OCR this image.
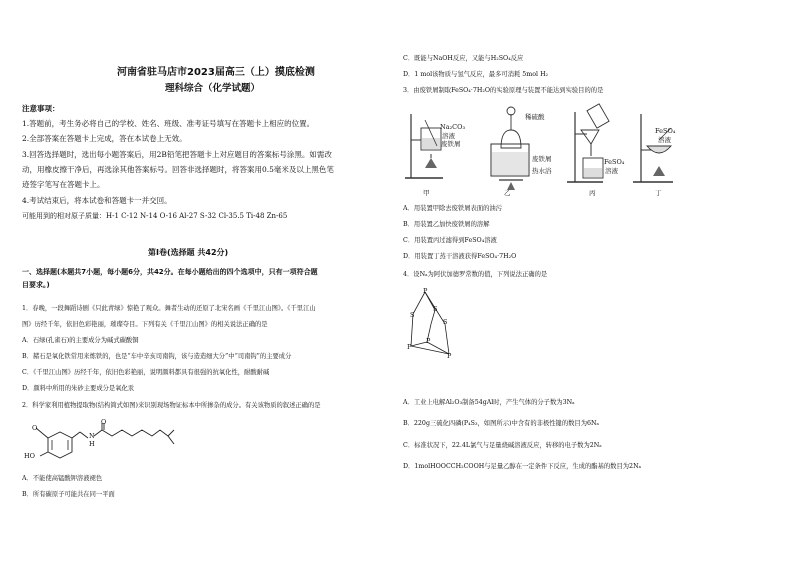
河南省驻马店市2023届高三（上）摸底检测
理科综合（化学试题）
注意事项：
1.答题前，考生务必将自己的学校、姓名、班级、准考证号填写在答题卡上相应的位置。
2.全部答案在答题卡上完成，答在本试卷上无效。
3.回答选择题时，选出每小题答案后，用2B铅笔把答题卡上对应题目的答案标号涂黑。如需改
动，用橡皮擦干净后，再选涂其他答案标号。回答非选择题时，将答案用0.5毫米及以上黑色笔
迹签字笔写在答题卡上。
4.考试结束后，将本试卷和答题卡一并交回。
可能用到的相对原子质量：H-1 C-12 N-14 O-16 Al-27 S-32 Cl-35.5 Ti-48 Zn-65
第Ⅰ卷(选择题 共42分)
一、选择题(本题共7小题，每小题6分，共42分。在每小题给出的四个选项中，只有一项符合题
目要求。)
1．春晚，一段舞蹈诗剧《只此青绿》惊艳了观众。舞者生动的还原了北宋名画《千里江山图》。《千里江山
图》历经千年，依旧色彩艳丽，璀璨夺目。下列有关《千里江山图》的相关说法正确的是
A．石绿(孔雀石)的主要成分为碱式碳酸铜
B．赭石是氧化铁常用来炼铁的，也是“车中辛亥司南钩，该与造造细大分”中“司南钩”的主要成分
C．《千里江山图》历经千年，依旧色彩艳丽，说明颜料都具有很强的抗氧化性，耐酸耐碱
D．颜料中所用的朱砂主要成分是氧化汞
2．科学家利用植物提取物(结构简式如图)来识别现场物证标本中所掺杂的成分。有关该物质的叙述正确的是
O
HO
N
H
O
A．不能使高锰酸钾溶液褪色
B．所有碳原子可能共在同一平面
C．既能与NaOH反应，又能与H₂SO₄反应
D．1 mol该物质与氢气反应，最多可消耗 5mol H₂
3．由废铁屑制取FeSO₄·7H₂O的实验原理与装置不能达到实验目的的是
Na₂CO₃
溶液
废铁屑
稀硫酸
废铁屑
热水浴
FeSO₄
溶液
FeSO₄
溶液
甲	乙	丙	丁
A．用装置甲除去废铁屑表面的油污
B．用装置乙加快废铁屑的溶解
C．用装置丙过滤得到FeSO₄溶液
D．用装置丁蒸干溶液获得FeSO₄·7H₂O
4．设Nₐ为阿伏加德罗常数的值，下列说法正确的是
P
S
S
S
P
P
P
A．工业上电解Al₂O₃制备54gAl时，产生气体的分子数为3Nₐ
B．220g三硫化四磷(P₄S₃，如图所示)中含有的非极性键的数目为6Nₐ
C．标准状况下，22.4L氯气与足量烧碱溶液反应，转移的电子数为2Nₐ
D．1molHOOCCH₂COOH与足量乙醇在一定条件下反应，生成的酯基的数目为2Nₐ
